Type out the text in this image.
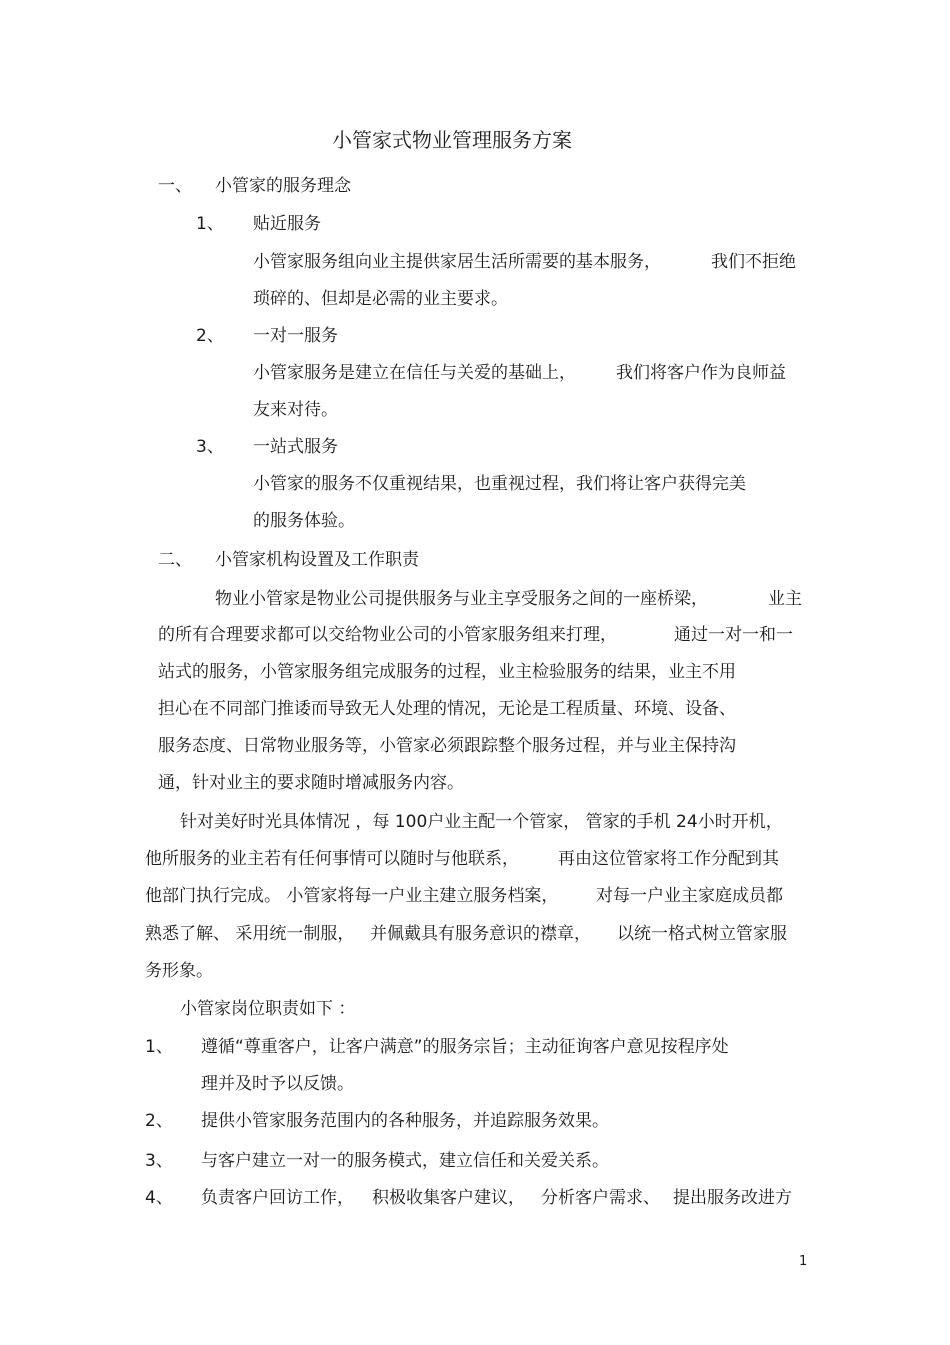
小管家式物业管理服务方案
一、 小管家的服务理念
1、 贴近服务
小管家服务组向业主提供家居生活所需要的基本服务，	我们不拒绝
琐碎的、但却是必需的业主要求。
2、 一对一服务
小管家服务是建立在信任与关爱的基础上， 我们将客户作为良师益
友来对待。
3、 一站式服务
小管家的服务不仅重视结果，也重视过程，我们将让客户获得完美
的服务体验。
二、 小管家机构设置及工作职责
物业小管家是物业公司提供服务与业主享受服务之间的一座桥梁，	业主
的所有合理要求都可以交给物业公司的小管家服务组来打理，	通过一对一和一
站式的服务，小管家服务组完成服务的过程，业主检验服务的结果，业主不用
担心在不同部门推诿而导致无人处理的情况，无论是工程质量、环境、设备、
服务态度、日常物业服务等，小管家必须跟踪整个服务过程，并与业主保持沟
通，针对业主的要求随时增减服务内容。
针对美好时光具体情况 ，每 100户业主配一个管家， 管家的手机 24小时开机，
他所服务的业主若有任何事情可以随时与他联系， 再由这位管家将工作分配到其
他部门执行完成。 小管家将每一户业主建立服务档案， 对每一户业主家庭成员都
熟悉了解、 采用统一制服， 并佩戴具有服务意识的襟章， 以统一格式树立管家服
务形象。
小管家岗位职责如下 ：
1、 遵循“尊重客户，让客户满意”的服务宗旨；主动征询客户意见按程序处
理并及时予以反馈。
2、 提供小管家服务范围内的各种服务，并追踪服务效果。
3、 与客户建立一对一的服务模式，建立信任和关爱关系。
4、 负责客户回访工作， 积极收集客户建议， 分析客户需求、 提出服务改进方
1
